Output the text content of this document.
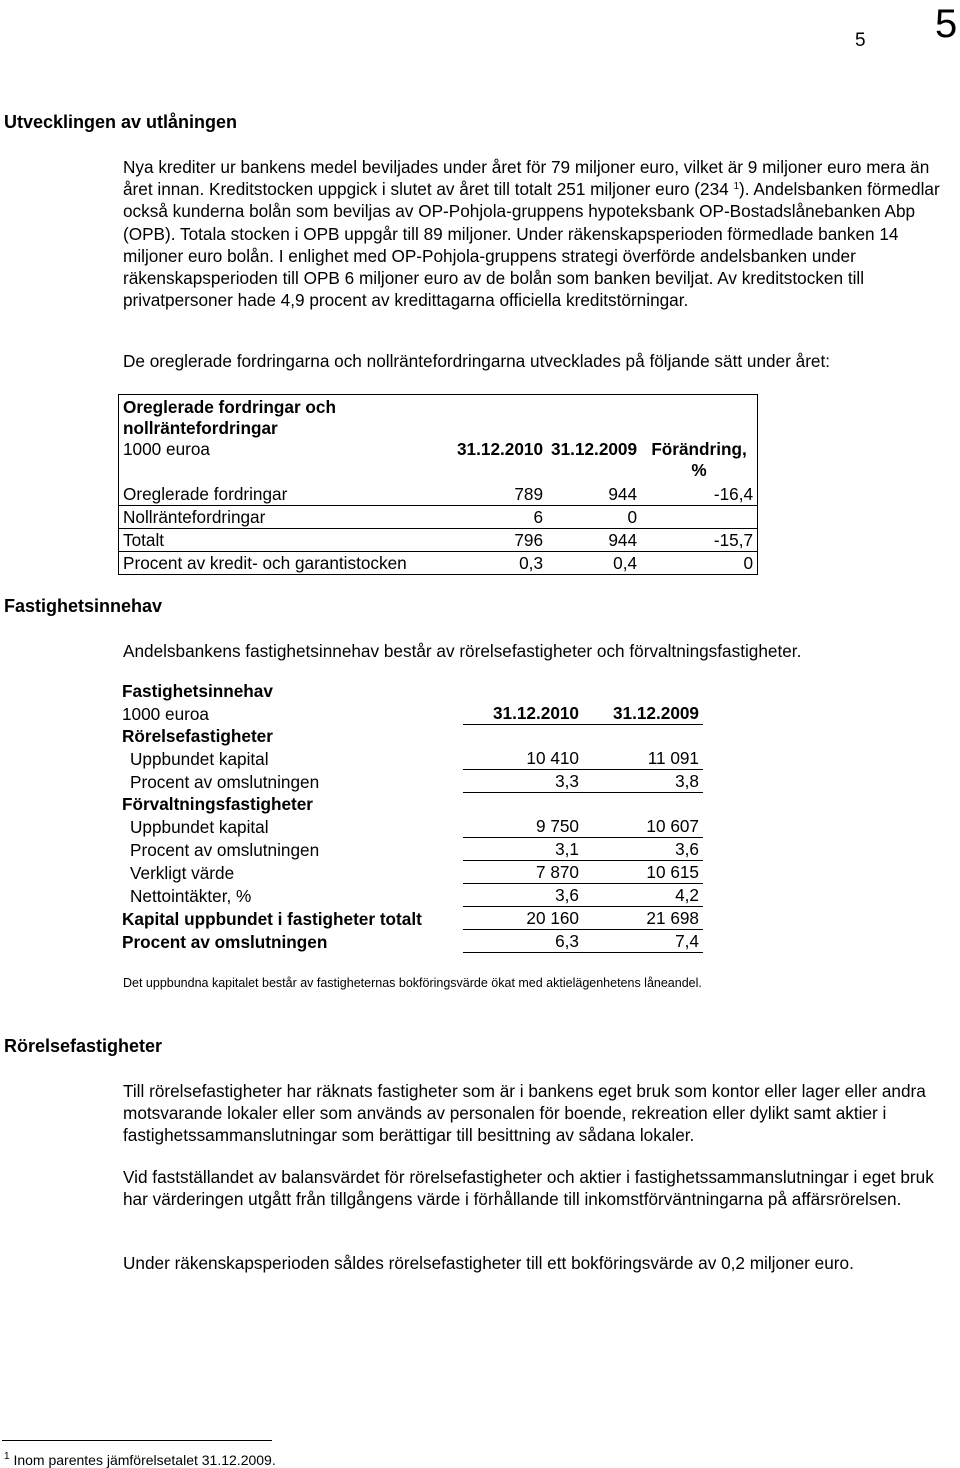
5 5
Utvecklingen av utlåningen

Nya krediter ur bankens medel beviljades under året för 79 miljoner euro, vilket är 9 miljoner euro mera än året innan. Kreditstocken uppgick i slutet av året till totalt 251 miljoner euro (234 $^1$). Andelsbanken förmedlar också kunderna bolån som beviljas av OP-Pohjola-gruppens hypoteksbank OP-Bostadslånebanken Abp (OPB). Totala stocken i OPB uppgår till 89 miljoner. Under räkenskapsperioden förmedlade banken 14 miljoner euro bolån. I enlighet med OP-Pohjola-gruppens strategi överförde andelsbanken under räkenskapsperioden till OPB 6 miljoner euro av de bolån som banken beviljat. Av kreditstocken till privatpersoner hade 4,9 procent av kredittagarna officiella kreditstörningar.

De oreglerade fordringarna och nollräntefordringarna utvecklades på följande sätt under året:
Oreglerade fordringar och nollräntefordringar			
1000 euroa	31.12.2010	31.12.2009	Förändring, %
Oreglerade fordringar	789	944	-16,4
Nollräntefordringar	6	0	
Totalt	796	944	-15,7
Procent av kredit- och garantistocken	0,3	0,4	0
Fastighetsinnehav
Andelsbankens fastighetsinnehav består av rörelsefastigheter och förvaltningsfastigheter.
Fastighetsinnehav		
1000 euroa	31.12.2010	31.12.2009
Rörelsefastigheter		
Uppbundet kapital	10 410	11 091
Procent av omslutningen	3,3	3,8
Förvaltningsfastigheter		
Uppbundet kapital	9 750	10 607
Procent av omslutningen	3,1	3,6
Verkligt värde	7 870	10 615
Nettointäkter, %	3,6	4,2
Kapital uppbundet i fastigheter totalt	20 160	21 698
Procent av omslutningen	6,3	7,4
Det uppbundna kapitalet består av fastigheternas bokföringsvärde ökat med aktielägenhetens låneandel.
Rörelsefastigheter
Till rörelsefastigheter har räknats fastigheter som är i bankens eget bruk som kontor eller lager eller andra motsvarande lokaler eller som används av personalen för boende, rekreation eller dylikt samt aktier i fastighetssammanslutningar som berättigar till besittning av sådana lokaler.
Vid fastställandet av balansvärdet för rörelsefastigheter och aktier i fastighetssammanslutningar i eget bruk har värderingen utgått från tillgångens värde i förhållande till inkomstförväntningarna på affärsrörelsen.
Under räkenskapsperioden såldes rörelsefastigheter till ett bokföringsvärde av 0,2 miljoner euro.
$^1$ Inom parentes jämförelsetalet 31.12.2009.
